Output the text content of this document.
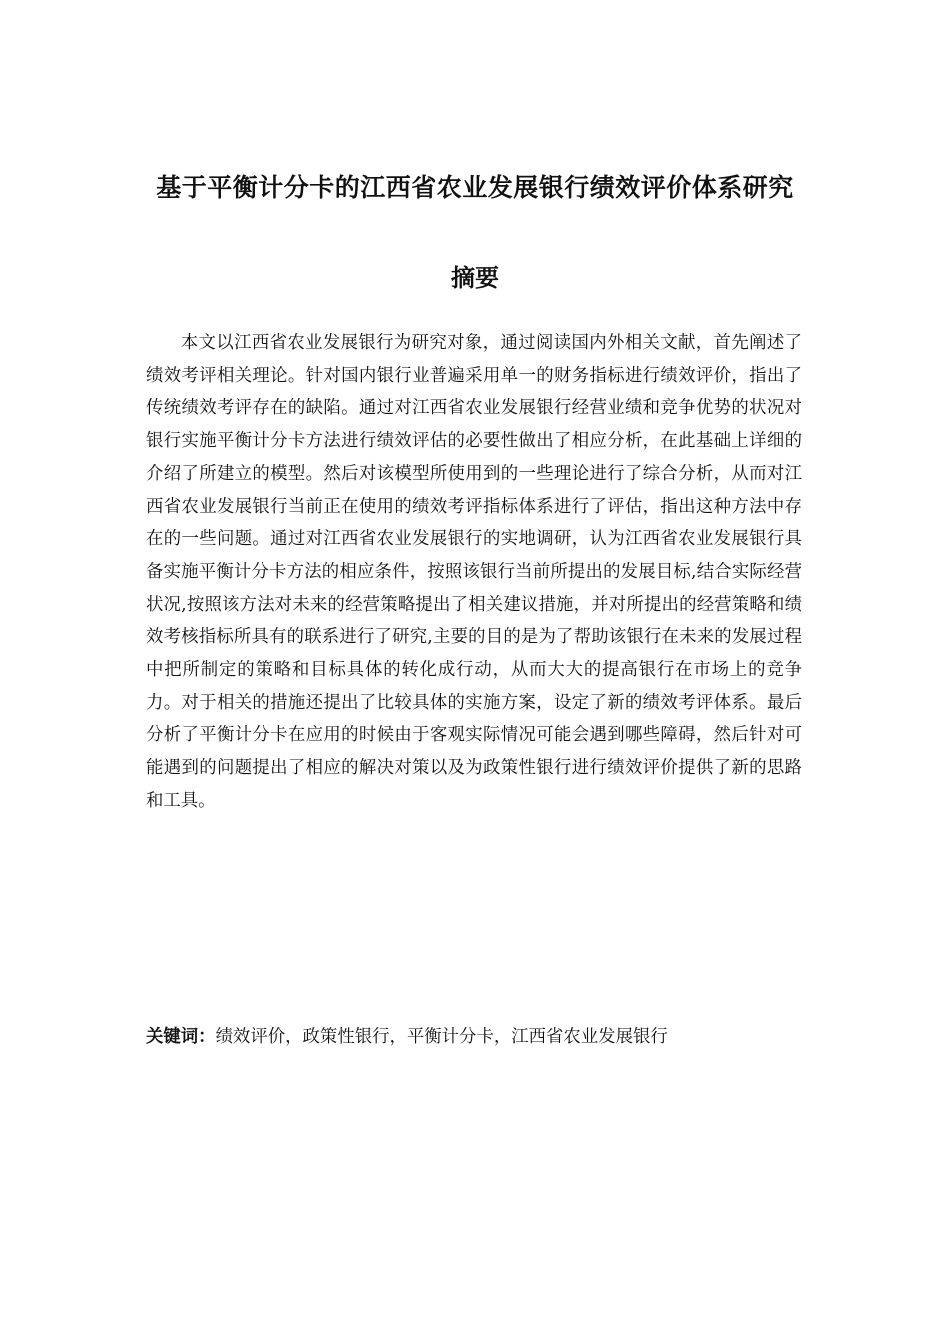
基于平衡计分卡的江西省农业发展银行绩效评价体系研究
摘要

本文以江西省农业发展银行为研究对象，通过阅读国内外相关文献，首先阐述了绩效考评相关理论。针对国内银行业普遍采用单一的财务指标进行绩效评价，指出了传统绩效考评存在的缺陷。通过对江西省农业发展银行经营业绩和竞争优势的状况对银行实施平衡计分卡方法进行绩效评估的必要性做出了相应分析，在此基础上详细的介绍了所建立的模型。然后对该模型所使用到的一些理论进行了综合分析，从而对江西省农业发展银行当前正在使用的绩效考评指标体系进行了评估，指出这种方法中存在的一些问题。通过对江西省农业发展银行的实地调研，认为江西省农业发展银行具备实施平衡计分卡方法的相应条件，按照该银行当前所提出的发展目标,结合实际经营状况,按照该方法对未来的经营策略提出了相关建议措施，并对所提出的经营策略和绩效考核指标所具有的联系进行了研究,主要的目的是为了帮助该银行在未来的发展过程中把所制定的策略和目标具体的转化成行动，从而大大的提高银行在市场上的竞争力。对于相关的措施还提出了比较具体的实施方案，设定了新的绩效考评体系。最后分析了平衡计分卡在应用的时候由于客观实际情况可能会遇到哪些障碍，然后针对可能遇到的问题提出了相应的解决对策以及为政策性银行进行绩效评价提供了新的思路和工具。

关键词：绩效评价，政策性银行，平衡计分卡，江西省农业发展银行
